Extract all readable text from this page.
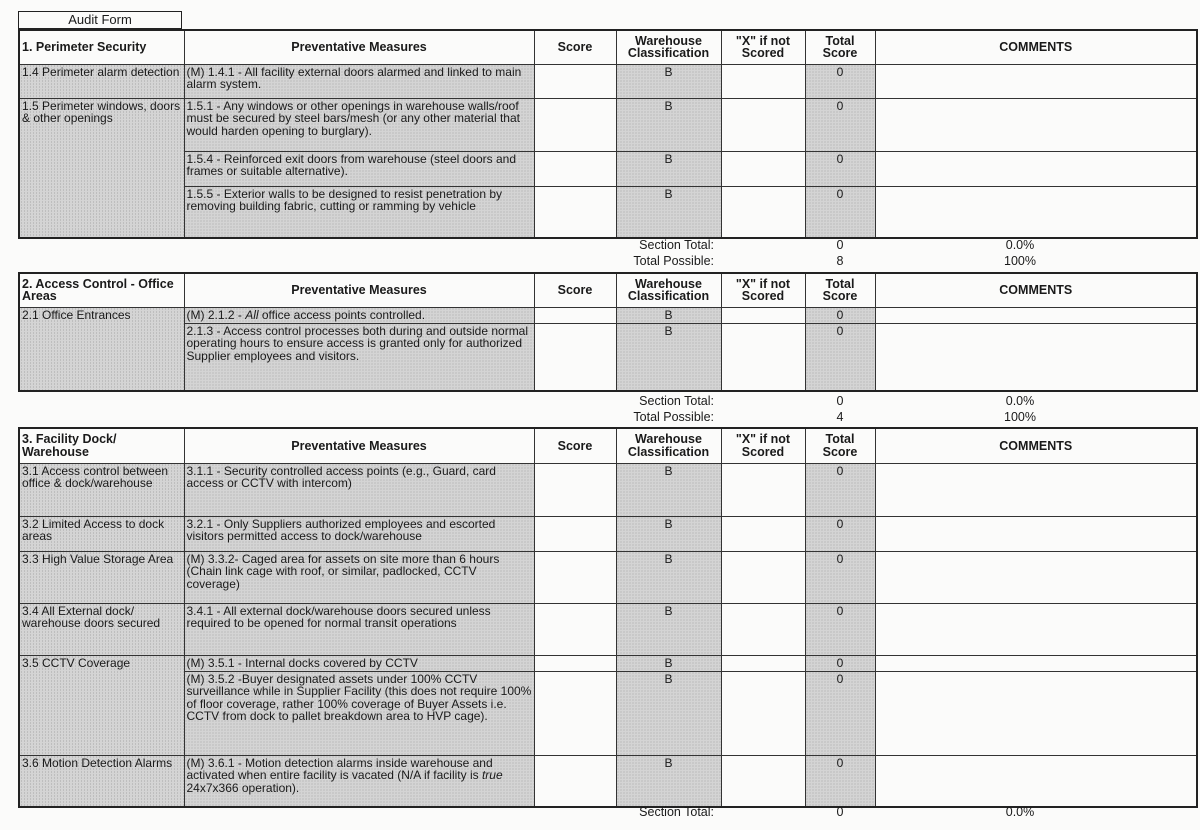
Audit Form
1. Perimeter Security	Preventative Measures	Score	Warehouse Classification	"X" if not Scored	Total Score	COMMENTS
1.4 Perimeter alarm detection	(M) 1.4.1 - All facility external doors alarmed and linked to main alarm system.		B		0	
1.5 Perimeter windows, doors & other openings	1.5.1 - Any windows or other openings in warehouse walls/roof must be secured by steel bars/mesh (or any other material that would harden opening to burglary).		B		0	
	1.5.4 - Reinforced exit doors from warehouse (steel doors and frames or suitable alternative).		B		0	
	1.5.5 - Exterior walls to be designed to resist penetration by removing building fabric, cutting or ramming by vehicle		B		0	
Section Total:	0	0.0%
Total Possible:	8	100%
2. Access Control - Office Areas	Preventative Measures	Score	Warehouse Classification	"X" if not Scored	Total Score	COMMENTS
2.1 Office Entrances	(M) 2.1.2 - All office access points controlled.		B		0	
	2.1.3 - Access control processes both during and outside normal operating hours to ensure access is granted only for authorized Supplier employees and visitors.		B		0	
Section Total:	0	0.0%
Total Possible:	4	100%
3. Facility Dock/ Warehouse	Preventative Measures	Score	Warehouse Classification	"X" if not Scored	Total Score	COMMENTS
3.1 Access control between office & dock/warehouse	3.1.1 - Security controlled access points (e.g., Guard, card access or CCTV with intercom)		B		0	
3.2 Limited Access to dock areas	3.2.1 - Only Suppliers authorized employees and escorted visitors permitted access to dock/warehouse		B		0	
3.3 High Value Storage Area	(M) 3.3.2- Caged area for assets on site more than 6 hours (Chain link cage with roof, or similar, padlocked, CCTV coverage)		B		0	
3.4 All External dock/ warehouse doors secured	3.4.1 - All external dock/warehouse doors secured unless required to be opened for normal transit operations		B		0	
3.5 CCTV Coverage	(M) 3.5.1 - Internal docks covered by CCTV		B		0	
	(M) 3.5.2 -Buyer designated assets under 100% CCTV surveillance while in Supplier Facility (this does not require 100% of floor coverage, rather 100% coverage of Buyer Assets i.e. CCTV from dock to pallet breakdown area to HVP cage).		B		0	
3.6 Motion Detection Alarms	(M) 3.6.1 - Motion detection alarms inside warehouse and activated when entire facility is vacated (N/A if facility is true 24x7x366 operation).		B		0	
Section Total:	0	0.0%
